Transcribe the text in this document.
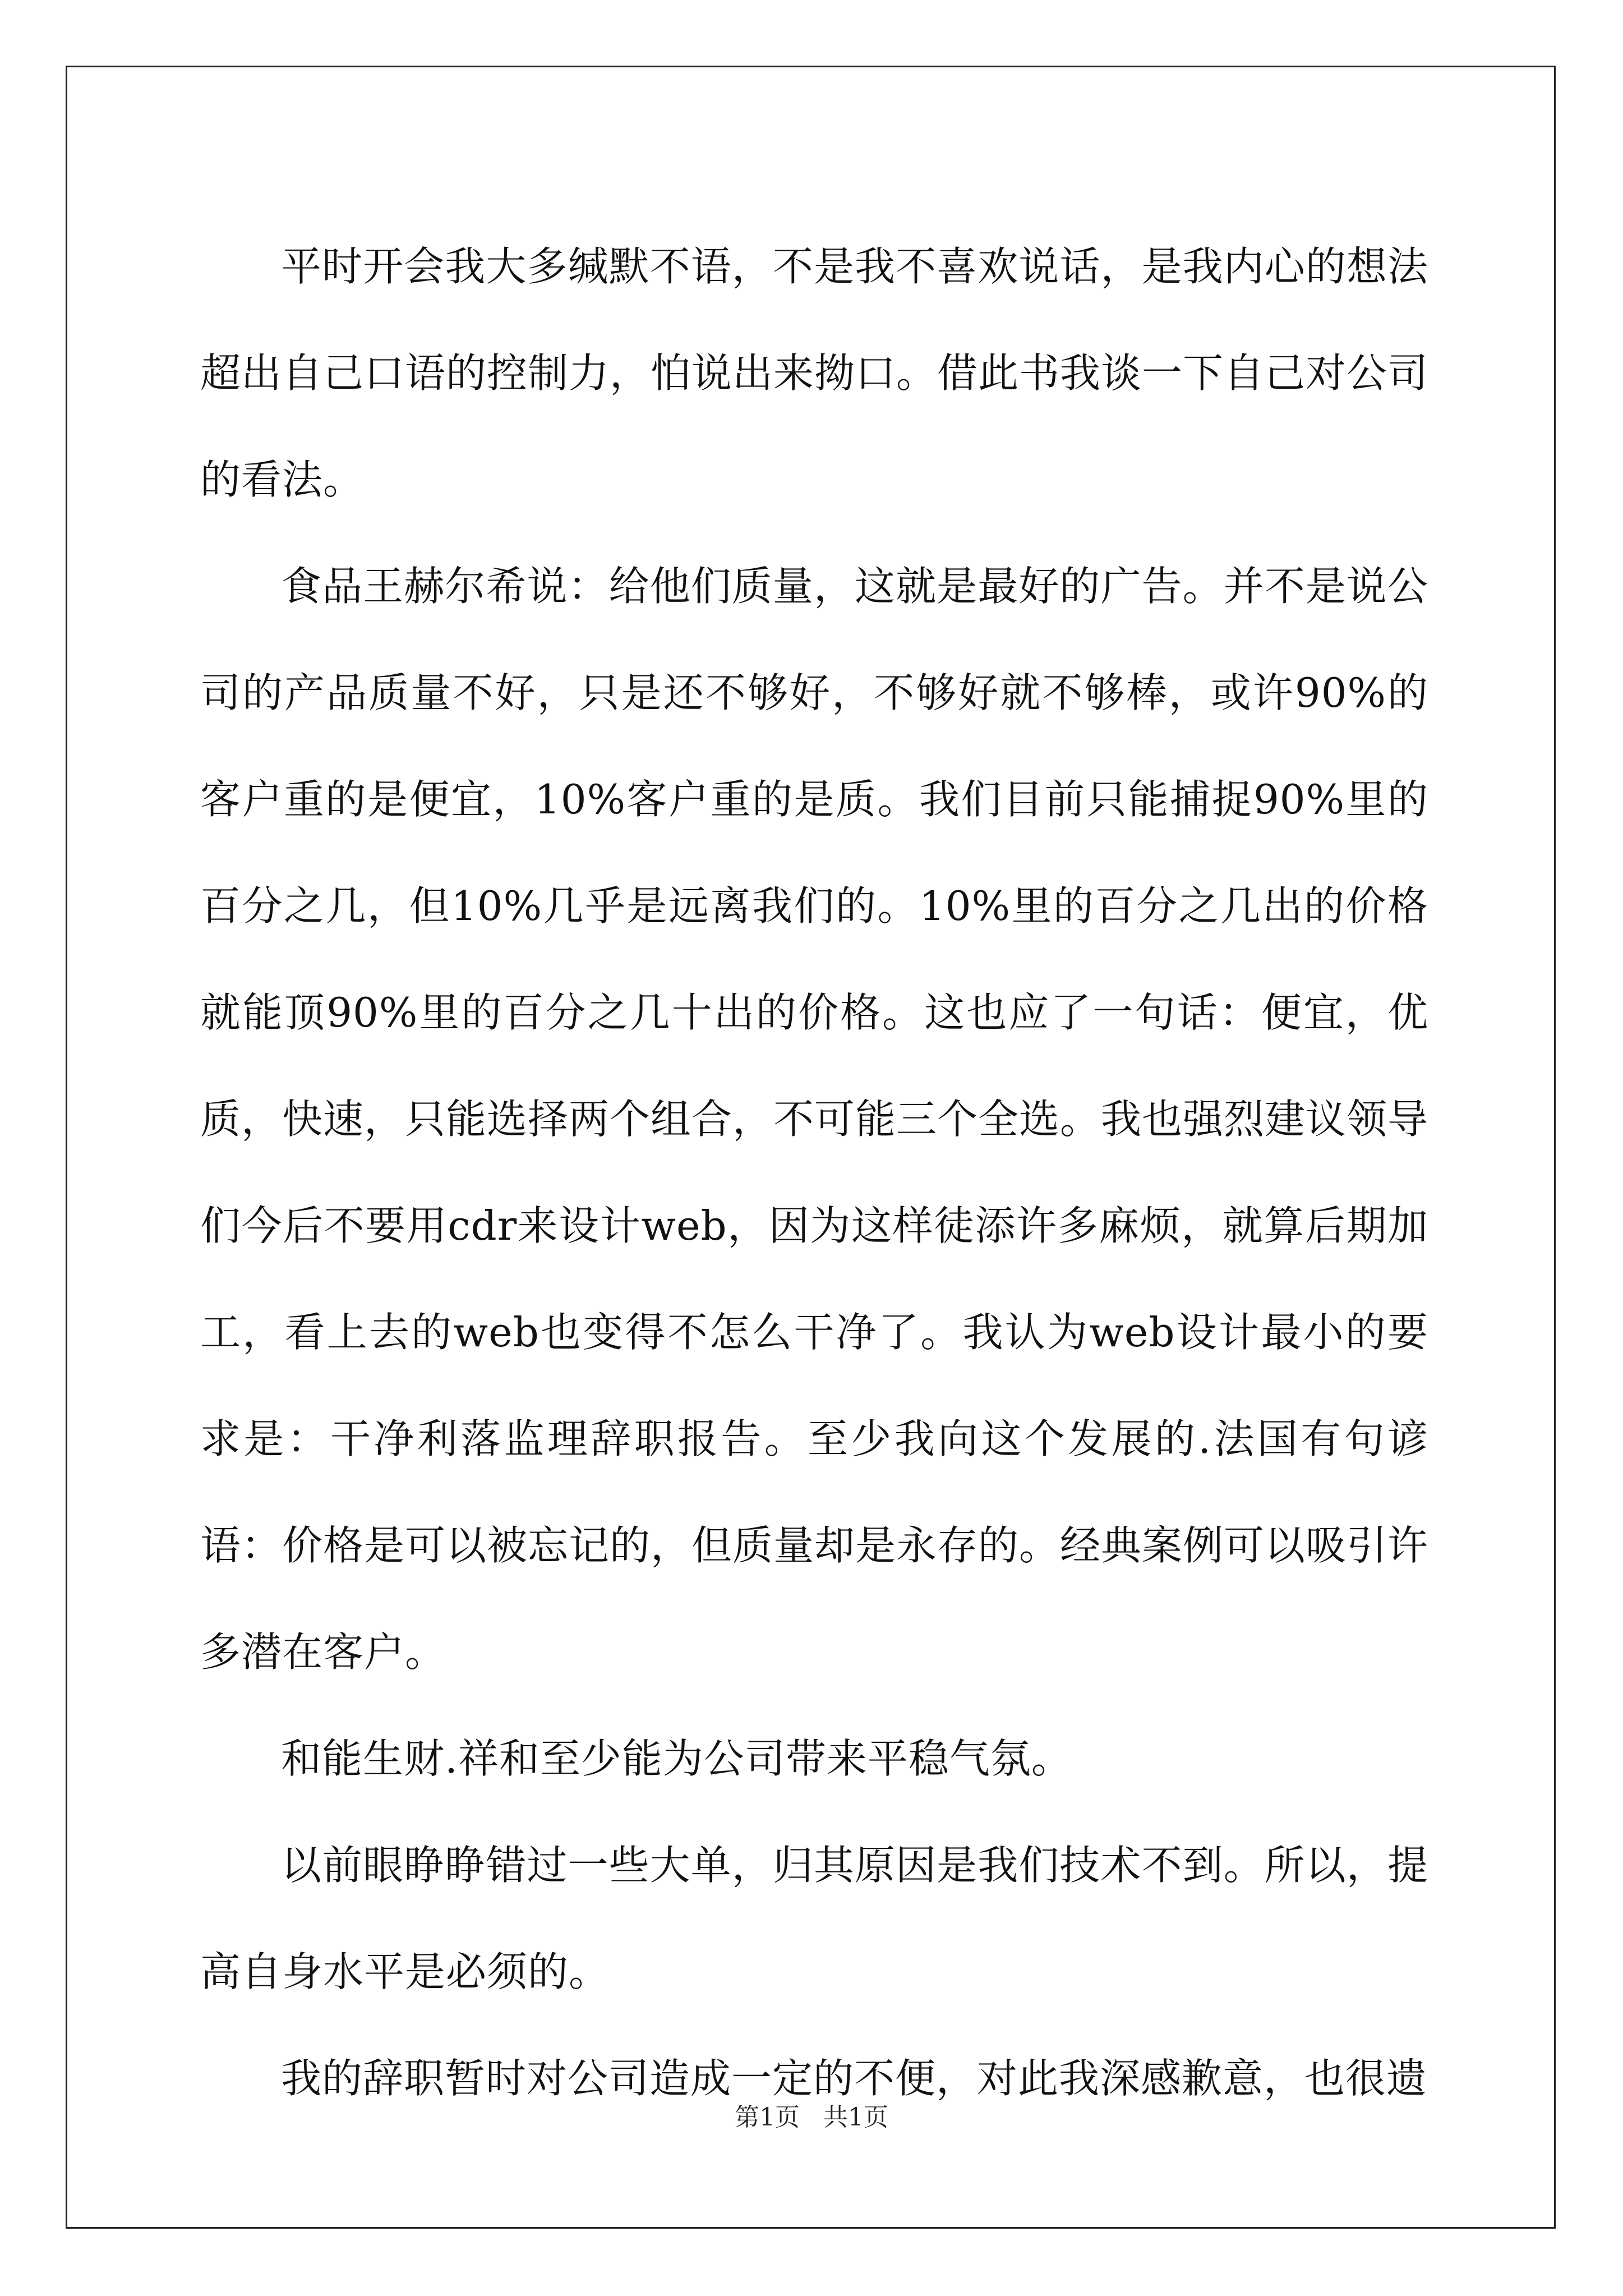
平时开会我大多缄默不语，不是我不喜欢说话，是我内心的想法超出自己口语的控制力，怕说出来拗口。借此书我谈一下自己对公司的看法。

食品王赫尔希说：给他们质量，这就是最好的广告。并不是说公司的产品质量不好，只是还不够好，不够好就不够棒，或许90%的客户重的是便宜，10%客户重的是质。我们目前只能捕捉90%里的百分之几，但10%几乎是远离我们的。10%里的百分之几出的价格就能顶90%里的百分之几十出的价格。这也应了一句话：便宜，优质，快速，只能选择两个组合，不可能三个全选。我也强烈建议领导们今后不要用cdr来设计web，因为这样徒添许多麻烦，就算后期加工，看上去的web也变得不怎么干净了。我认为web设计最小的要求是：干净利落监理辞职报告。至少我向这个发展的.法国有句谚语：价格是可以被忘记的，但质量却是永存的。经典案例可以吸引许多潜在客户。

和能生财.祥和至少能为公司带来平稳气氛。

以前眼睁睁错过一些大单，归其原因是我们技术不到。所以，提高自身水平是必须的。

我的辞职暂时对公司造成一定的不便，对此我深感歉意，也很遗

第1页   共1页
